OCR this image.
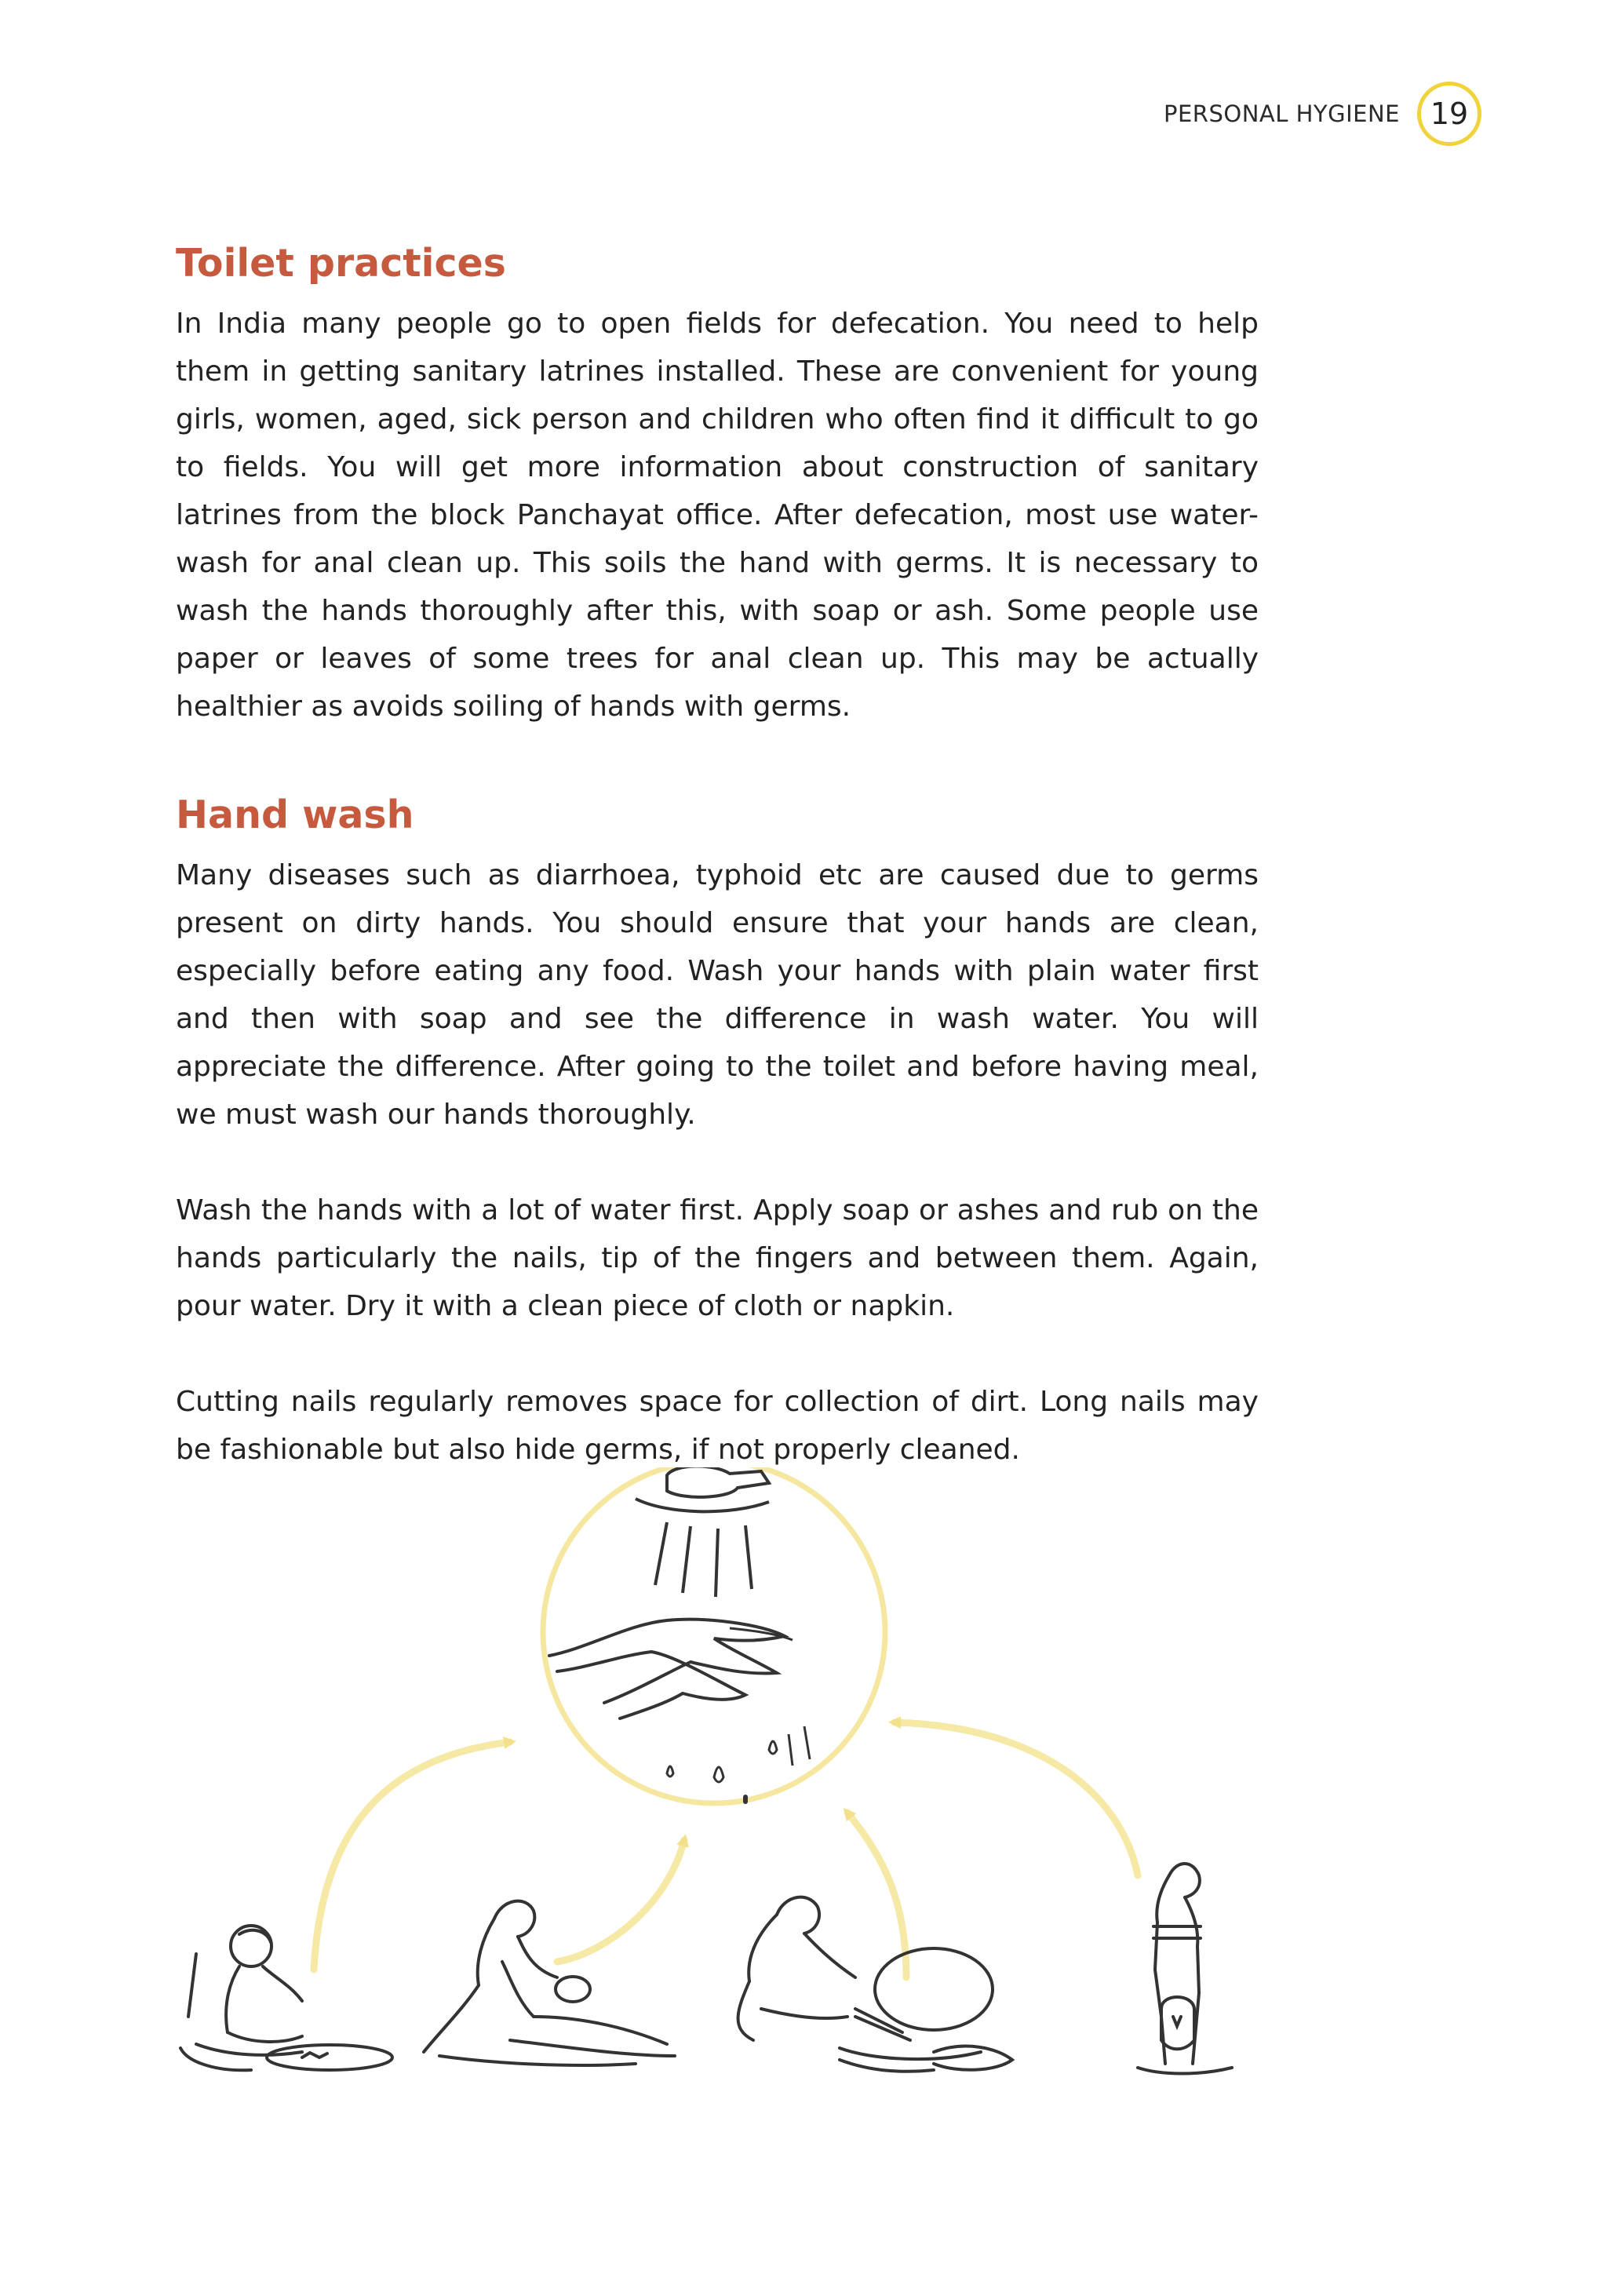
PERSONAL HYGIENE	19
Toilet practices

In India many people go to open fields for defecation. You need to help them in getting sanitary latrines installed. These are convenient for young girls, women, aged, sick person and children who often find it difficult to go to fields. You will get more information about construction of sanitary latrines from the block Panchayat office. After defecation, most use water-wash for anal clean up. This soils the hand with germs. It is necessary to wash the hands thoroughly after this, with soap or ash. Some people use paper or leaves of some trees for anal clean up. This may be actually healthier as avoids soiling of hands with germs.

Hand wash

Many diseases such as diarrhoea, typhoid etc are caused due to germs present on dirty hands. You should ensure that your hands are clean, especially before eating any food. Wash your hands with plain water first and then with soap and see the difference in wash water. You will appreciate the difference. After going to the toilet and before having meal, we must wash our hands thoroughly.

Wash the hands with a lot of water first. Apply soap or ashes and rub on the hands particularly the nails, tip of the fingers and between them. Again, pour water. Dry it with a clean piece of cloth or napkin.

Cutting nails regularly removes space for collection of dirt. Long nails may be fashionable but also hide germs, if not properly cleaned.
